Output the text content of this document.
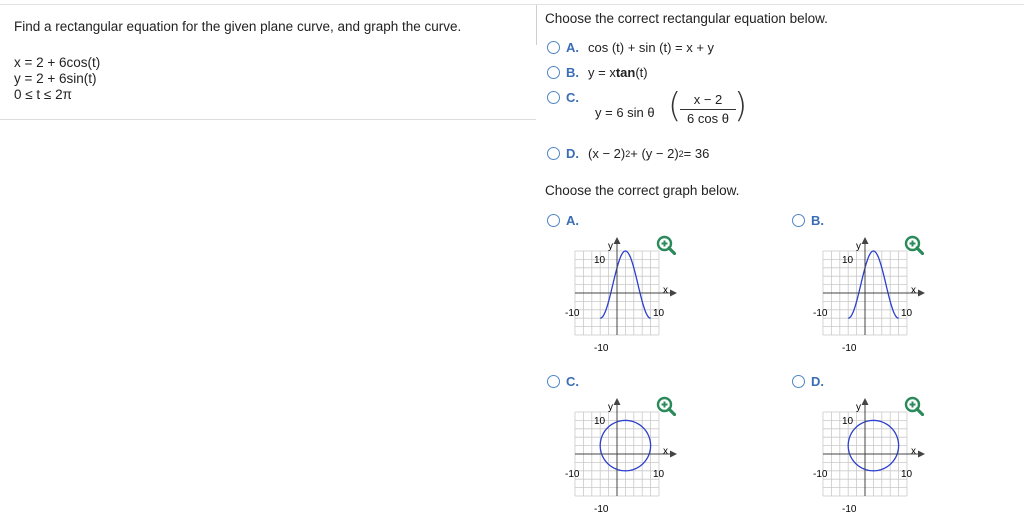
Find a rectangular equation for the given plane curve, and graph the curve.
x = 2 + 6cos(t)
y = 2 + 6sin(t)
0 ≤ t ≤ 2π
Choose the correct rectangular equation below.
A. cos (t) + sin (t) = x + y
B. y = x tan (t)
C.
y = 6 sin θ (
$\frac{x - 2}{\text{6 cos θ}}$
)
D. (x − 2) 2 + (y − 2) 2 = 36
Choose the correct graph below.
A.	B.
C.	D.
10
-10
-10	10
y
x
10
-10
-10	10
y
x
10
-10
-10	10
y
x
10
-10
-10	10
y
x
